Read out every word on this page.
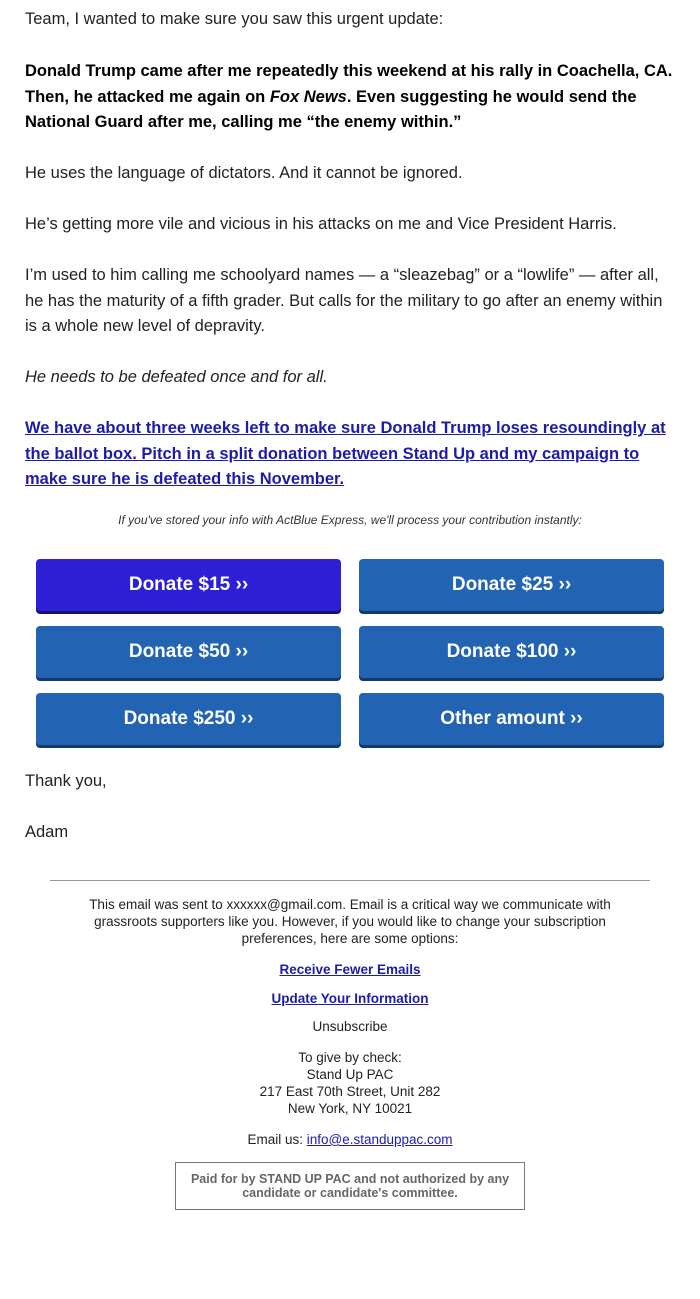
Team, I wanted to make sure you saw this urgent update:

Donald Trump came after me repeatedly this weekend at his rally in Coachella, CA. Then, he attacked me again on Fox News. Even suggesting he would send the National Guard after me, calling me “the enemy within.”

He uses the language of dictators. And it cannot be ignored.

He’s getting more vile and vicious in his attacks on me and Vice President Harris.

I’m used to him calling me schoolyard names — a “sleazebag” or a “lowlife” — after all, he has the maturity of a fifth grader. But calls for the military to go after an enemy within is a whole new level of depravity.

He needs to be defeated once and for all.

We have about three weeks left to make sure Donald Trump loses resoundingly at the ballot box. Pitch in a split donation between Stand Up and my campaign to make sure he is defeated this November.

If you've stored your info with ActBlue Express, we'll process your contribution instantly:
Donate $15 ››	Donate $25 ››
Donate $50 ››	Donate $100 ››
Donate $250 ››	Other amount ››

Thank you,

Adam

This email was sent to xxxxxx@gmail.com. Email is a critical way we communicate with grassroots supporters like you. However, if you would like to change your subscription preferences, here are some options:
Receive Fewer Emails
Update Your Information
Unsubscribe
To give by check:
Stand Up PAC
217 East 70th Street, Unit 282
New York, NY 10021
Email us: info@e.standuppac.com
Paid for by STAND UP PAC and not authorized by any candidate or candidate's committee.
